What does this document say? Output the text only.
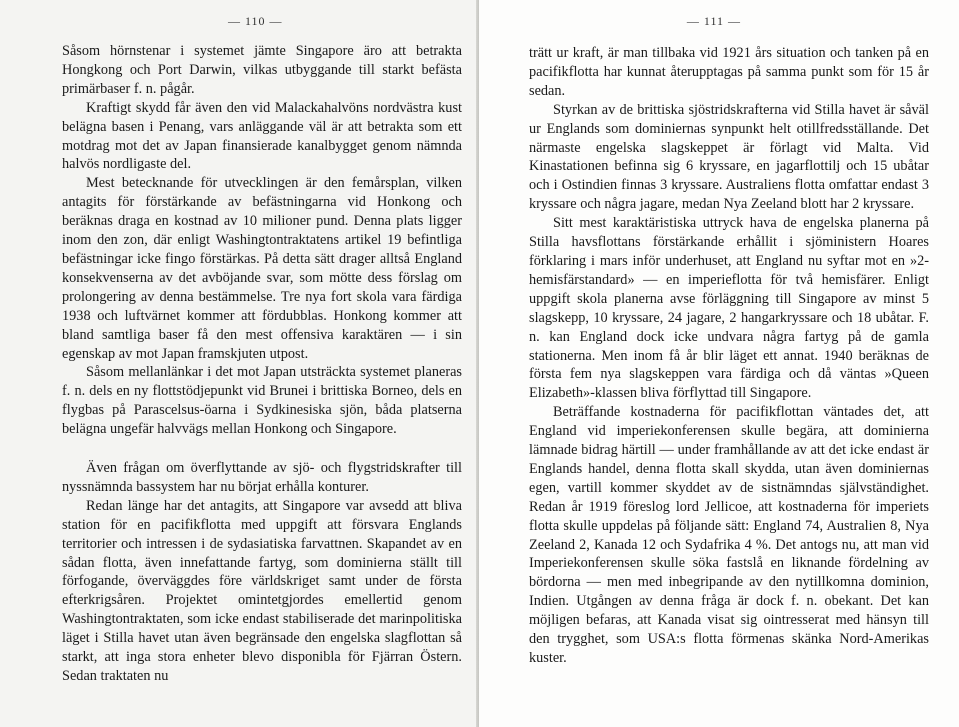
— 110 —

Såsom hörnstenar i systemet jämte Singapore äro att betrakta Hongkong och Port Darwin, vilkas utbyggande till starkt befästa primärbaser f. n. pågår.

Kraftigt skydd får även den vid Malackahalvöns nordvästra kust belägna basen i Penang, vars anläggande väl är att betrakta som ett motdrag mot det av Japan finansierade kanalbygget genom nämnda halvös nordligaste del.

Mest betecknande för utvecklingen är den femårsplan, vilken antagits för förstärkande av befästningarna vid Honkong och beräknas draga en kostnad av 10 milioner pund. Denna plats ligger inom den zon, där enligt Washingtontraktatens artikel 19 befintliga befästningar icke fingo förstärkas. På detta sätt drager alltså England konsekvenserna av det avböjande svar, som mötte dess förslag om prolongering av denna bestämmelse. Tre nya fort skola vara färdiga 1938 och luftvärnet kommer att fördubblas. Honkong kommer att bland samtliga baser få den mest offensiva karaktären — i sin egenskap av mot Japan framskjuten utpost.

Såsom mellanlänkar i det mot Japan utsträckta systemet planeras f. n. dels en ny flottstödjepunkt vid Brunei i brittiska Borneo, dels en flygbas på Parascelsus-öarna i Sydkinesiska sjön, båda platserna belägna ungefär halvvägs mellan Honkong och Singapore.

Även frågan om överflyttande av sjö- och flygstridskrafter till nyssnämnda bassystem har nu börjat erhålla konturer.

Redan länge har det antagits, att Singapore var avsedd att bliva station för en pacifikflotta med uppgift att försvara Englands territorier och intressen i de sydasiatiska farvattnen. Skapandet av en sådan flotta, även innefattande fartyg, som dominierna ställt till förfogande, överväggdes före världskriget samt under de första efterkrigsåren. Projektet omintetgjordes emellertid genom Washingtontraktaten, som icke endast stabiliserade det marinpolitiska läget i Stilla havet utan även begränsade den engelska slagflottan så starkt, att inga stora enheter blevo disponibla för Fjärran Östern. Sedan traktaten nu

— 111 —

trätt ur kraft, är man tillbaka vid 1921 års situation och tanken på en pacifikflotta har kunnat återupptagas på samma punkt som för 15 år sedan.

Styrkan av de brittiska sjöstridskrafterna vid Stilla havet är såväl ur Englands som dominiernas synpunkt helt otillfredsställande. Det närmaste engelska slagskeppet är förlagt vid Malta. Vid Kinastationen befinna sig 6 kryssare, en jagarflottilj och 15 ubåtar och i Ostindien finnas 3 kryssare. Australiens flotta omfattar endast 3 kryssare och några jagare, medan Nya Zeeland blott har 2 kryssare.

Sitt mest karaktäristiska uttryck hava de engelska planerna på Stilla havsflottans förstärkande erhållit i sjöministern Hoares förklaring i mars inför underhuset, att England nu syftar mot en »2-hemisfärstandard» — en imperieflotta för två hemisfärer. Enligt uppgift skola planerna avse förläggning till Singapore av minst 5 slagskepp, 10 kryssare, 24 jagare, 2 hangarkryssare och 18 ubåtar. F. n. kan England dock icke undvara några fartyg på de gamla stationerna. Men inom få år blir läget ett annat. 1940 beräknas de första fem nya slagskeppen vara färdiga och då väntas »Queen Elizabeth»-klassen bliva förflyttad till Singapore.

Beträffande kostnaderna för pacifikflottan väntades det, att England vid imperiekonferensen skulle begära, att dominierna lämnade bidrag härtill — under framhållande av att det icke endast är Englands handel, denna flotta skall skydda, utan även dominiernas egen, vartill kommer skyddet av de sistnämndas självständighet. Redan år 1919 föreslog lord Jellicoe, att kostnaderna för imperiets flotta skulle uppdelas på följande sätt: England 74, Australien 8, Nya Zeeland 2, Kanada 12 och Sydafrika 4 %. Det antogs nu, att man vid Imperiekonferensen skulle söka fastslå en liknande fördelning av bördorna — men med inbegripande av den nytillkomna dominion, Indien. Utgången av denna fråga är dock f. n. obekant. Det kan möjligen befaras, att Kanada visat sig ointresserat med hänsyn till den trygghet, som USA:s flotta förmenas skänka Nord-Amerikas kuster.
